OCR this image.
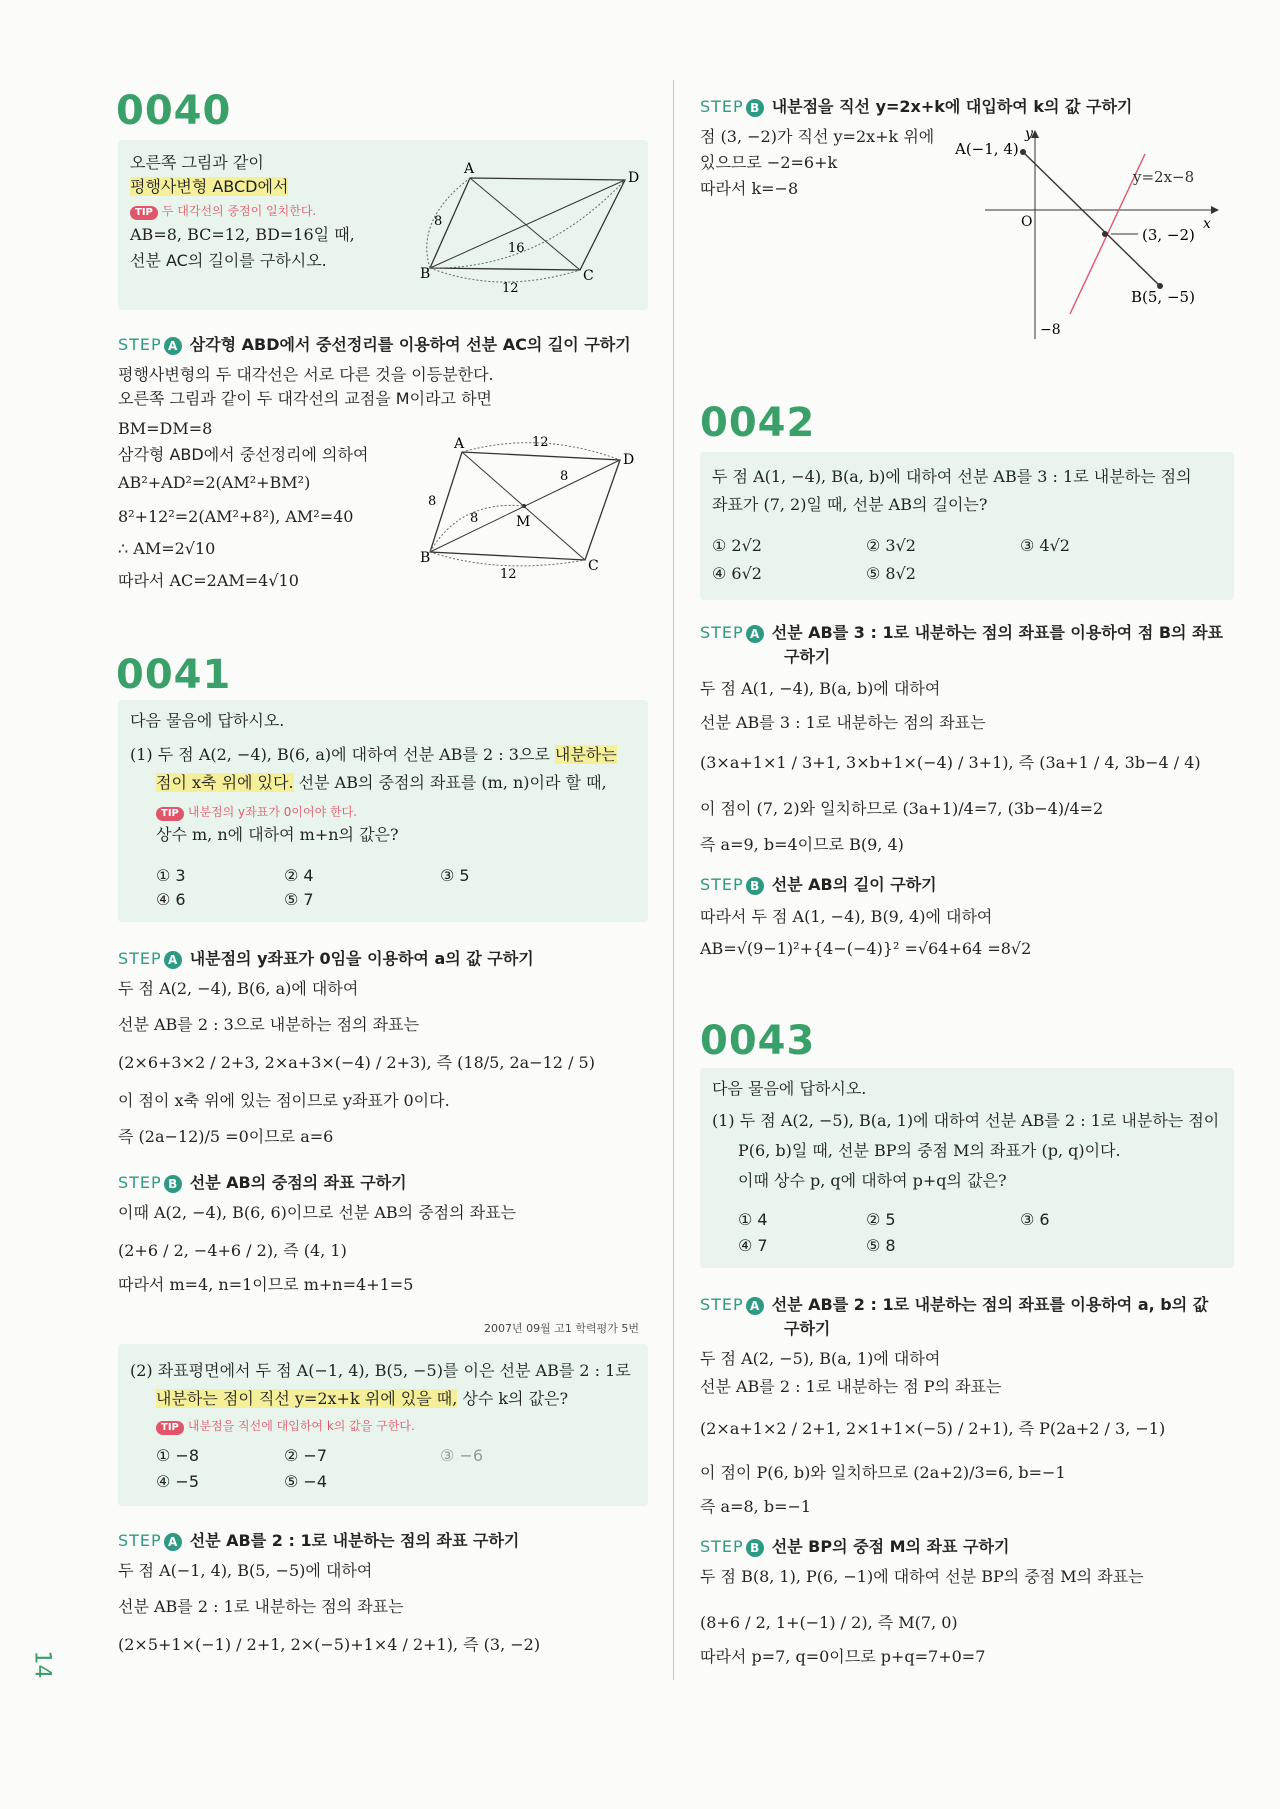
14
0040
오른쪽 그림과 같이
평행사변형 ABCD에서
TIP 두 대각선의 중점이 일치한다.
AB=8, BC=12, BD=16일 때,
선분 AC의 길이를 구하시오.
A
D
B	C
8
16
12
STEP A 삼각형 ABD에서 중선정리를 이용하여 선분 AC의 길이 구하기
평행사변형의 두 대각선은 서로 다른 것을 이등분한다.
오른쪽 그림과 같이 두 대각선의 교점을 M이라고 하면
BM=DM=8
삼각형 ABD에서 중선정리에 의하여
AB²+AD²=2(AM²+BM²)
8²+12²=2(AM²+8²), AM²=40
∴ AM=2√10
따라서 AC=2AM=4√10
A
D
B	C
M
12
8
8
8
12
0041
다음 물음에 답하시오.
(1) 두 점 A(2, −4), B(6, a)에 대하여 선분 AB를 2 : 3으로 내분하는
점이 x축 위에 있다. 선분 AB의 중점의 좌표를 (m, n)이라 할 때,
TIP 내분점의 y좌표가 0이어야 한다.
상수 m, n에 대하여 m+n의 값은?
① 3	② 4	③ 5
④ 6	⑤ 7
STEP A 내분점의 y좌표가 0임을 이용하여 a의 값 구하기
두 점 A(2, −4), B(6, a)에 대하여
선분 AB를 2 : 3으로 내분하는 점의 좌표는
(2×6+3×2 / 2+3, 2×a+3×(−4) / 2+3), 즉 (18/5, 2a−12 / 5)
이 점이 x축 위에 있는 점이므로 y좌표가 0이다.
즉 (2a−12)/5 =0이므로 a=6
STEP B 선분 AB의 중점의 좌표 구하기
이때 A(2, −4), B(6, 6)이므로 선분 AB의 중점의 좌표는
(2+6 / 2, −4+6 / 2), 즉 (4, 1)
따라서 m=4, n=1이므로 m+n=4+1=5
2007년 09월 고1 학력평가 5번
(2) 좌표평면에서 두 점 A(−1, 4), B(5, −5)를 이은 선분 AB를 2 : 1로
내분하는 점이 직선 y=2x+k 위에 있을 때, 상수 k의 값은?
TIP 내분점을 직선에 대입하여 k의 값을 구한다.
① −8	② −7	③ −6
④ −5	⑤ −4
STEP A 선분 AB를 2 : 1로 내분하는 점의 좌표 구하기
두 점 A(−1, 4), B(5, −5)에 대하여
선분 AB를 2 : 1로 내분하는 점의 좌표는
(2×5+1×(−1) / 2+1, 2×(−5)+1×4 / 2+1), 즉 (3, −2)
STEP B 내분점을 직선 y=2x+k에 대입하여 k의 값 구하기
점 (3, −2)가 직선 y=2x+k 위에
있으므로 −2=6+k
따라서 k=−8
A(−1, 4)
B(5, −5)
(3, −2)
y=2x−8
O	x
y
−8
0042
두 점 A(1, −4), B(a, b)에 대하여 선분 AB를 3 : 1로 내분하는 점의
좌표가 (7, 2)일 때, 선분 AB의 길이는?
① 2√2	② 3√2	③ 4√2
④ 6√2	⑤ 8√2
STEP A 선분 AB를 3 : 1로 내분하는 점의 좌표를 이용하여 점 B의 좌표
구하기
두 점 A(1, −4), B(a, b)에 대하여
선분 AB를 3 : 1로 내분하는 점의 좌표는
(3×a+1×1 / 3+1, 3×b+1×(−4) / 3+1), 즉 (3a+1 / 4, 3b−4 / 4)
이 점이 (7, 2)와 일치하므로 (3a+1)/4=7, (3b−4)/4=2
즉 a=9, b=4이므로 B(9, 4)
STEP B 선분 AB의 길이 구하기
따라서 두 점 A(1, −4), B(9, 4)에 대하여
AB=√(9−1)²+{4−(−4)}² =√64+64 =8√2
0043
다음 물음에 답하시오.
(1) 두 점 A(2, −5), B(a, 1)에 대하여 선분 AB를 2 : 1로 내분하는 점이
P(6, b)일 때, 선분 BP의 중점 M의 좌표가 (p, q)이다.
이때 상수 p, q에 대하여 p+q의 값은?
① 4	② 5	③ 6
④ 7	⑤ 8
STEP A 선분 AB를 2 : 1로 내분하는 점의 좌표를 이용하여 a, b의 값
구하기
두 점 A(2, −5), B(a, 1)에 대하여
선분 AB를 2 : 1로 내분하는 점 P의 좌표는
(2×a+1×2 / 2+1, 2×1+1×(−5) / 2+1), 즉 P(2a+2 / 3, −1)
이 점이 P(6, b)와 일치하므로 (2a+2)/3=6, b=−1
즉 a=8, b=−1
STEP B 선분 BP의 중점 M의 좌표 구하기
두 점 B(8, 1), P(6, −1)에 대하여 선분 BP의 중점 M의 좌표는
(8+6 / 2, 1+(−1) / 2), 즉 M(7, 0)
따라서 p=7, q=0이므로 p+q=7+0=7
